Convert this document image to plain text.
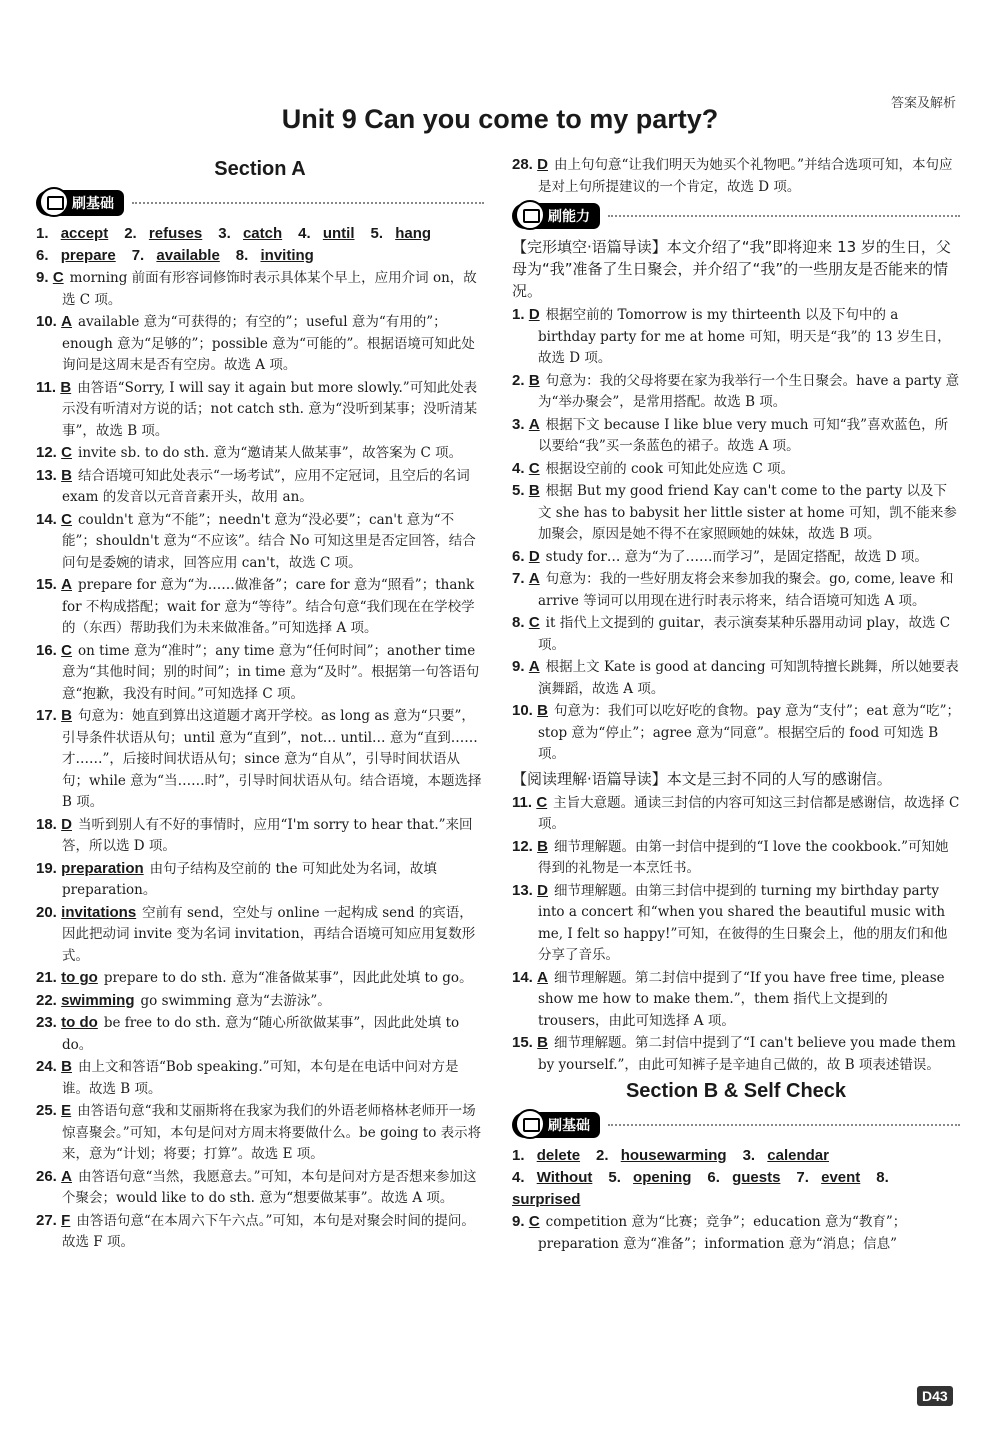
答案及解析
Unit 9 Can you come to my party?
Section A
刷基础
1. accept 2. refuses 3. catch 4. until 5. hang
6. prepare 7. available 8. inviting

9. C morning 前面有形容词修饰时表示具体某个早上，应用介词 on，故选 C 项。

10. A available 意为“可获得的；有空的”；useful 意为“有用的”；enough 意为“足够的”；possible 意为“可能的”。根据语境可知此处询问是这周末是否有空房。故选 A 项。

11. B 由答语“Sorry, I will say it again but more slowly.”可知此处表示没有听清对方说的话；not catch sth. 意为“没听到某事；没听清某事”，故选 B 项。

12. C invite sb. to do sth. 意为“邀请某人做某事”，故答案为 C 项。

13. B 结合语境可知此处表示“一场考试”，应用不定冠词，且空后的名词 exam 的发音以元音音素开头，故用 an。

14. C couldn't 意为“不能”；needn't 意为“没必要”；can't 意为“不能”；shouldn't 意为“不应该”。结合 No 可知这里是否定回答，结合问句是委婉的请求，回答应用 can't，故选 C 项。

15. A prepare for 意为“为……做准备”；care for 意为“照看”；thank for 不构成搭配；wait for 意为“等待”。结合句意“我们现在在学校学的（东西）帮助我们为未来做准备。”可知选择 A 项。

16. C on time 意为“准时”；any time 意为“任何时间”；another time 意为“其他时间；别的时间”；in time 意为“及时”。根据第一句答语句意“抱歉，我没有时间。”可知选择 C 项。

17. B 句意为：她直到算出这道题才离开学校。as long as 意为“只要”，引导条件状语从句；until 意为“直到”，not… until… 意为“直到……才……”，后接时间状语从句；since 意为“自从”，引导时间状语从句；while 意为“当……时”，引导时间状语从句。结合语境，本题选择 B 项。

18. D 当听到别人有不好的事情时，应用“I'm sorry to hear that.”来回答，所以选 D 项。

19. preparation 由句子结构及空前的 the 可知此处为名词，故填 preparation。

20. invitations 空前有 send，空处与 online 一起构成 send 的宾语，因此把动词 invite 变为名词 invitation，再结合语境可知应用复数形式。

21. to go prepare to do sth. 意为“准备做某事”，因此此处填 to go。

22. swimming go swimming 意为“去游泳”。

23. to do be free to do sth. 意为“随心所欲做某事”，因此此处填 to do。

24. B 由上文和答语“Bob speaking.”可知，本句是在电话中问对方是谁。故选 B 项。

25. E 由答语句意“我和艾丽斯将在我家为我们的外语老师格林老师开一场惊喜聚会。”可知，本句是问对方周末将要做什么。be going to 表示将来，意为“计划；将要；打算”。故选 E 项。

26. A 由答语句意“当然，我愿意去。”可知，本句是问对方是否想来参加这个聚会；would like to do sth. 意为“想要做某事”。故选 A 项。

27. F 由答语句意“在本周六下午六点。”可知，本句是对聚会时间的提问。故选 F 项。

28. D 由上句句意“让我们明天为她买个礼物吧。”并结合选项可知，本句应是对上句所提建议的一个肯定，故选 D 项。

刷能力
【完形填空·语篇导读】本文介绍了“我”即将迎来 13 岁的生日，父母为“我”准备了生日聚会，并介绍了“我”的一些朋友是否能来的情况。

1. D 根据空前的 Tomorrow is my thirteenth 以及下句中的 a birthday party for me at home 可知，明天是“我”的 13 岁生日，故选 D 项。

2. B 句意为：我的父母将要在家为我举行一个生日聚会。have a party 意为“举办聚会”，是常用搭配。故选 B 项。

3. A 根据下文 because I like blue very much 可知“我”喜欢蓝色，所以要给“我”买一条蓝色的裙子。故选 A 项。

4. C 根据设空前的 cook 可知此处应选 C 项。

5. B 根据 But my good friend Kay can't come to the party 以及下文 she has to babysit her little sister at home 可知，凯不能来参加聚会，原因是她不得不在家照顾她的妹妹，故选 B 项。

6. D study for… 意为“为了……而学习”，是固定搭配，故选 D 项。

7. A 句意为：我的一些好朋友将会来参加我的聚会。go, come, leave 和 arrive 等词可以用现在进行时表示将来，结合语境可知选 A 项。

8. C it 指代上文提到的 guitar，表示演奏某种乐器用动词 play，故选 C 项。

9. A 根据上文 Kate is good at dancing 可知凯特擅长跳舞，所以她要表演舞蹈，故选 A 项。

10. B 句意为：我们可以吃好吃的食物。pay 意为“支付”；eat 意为“吃”；stop 意为“停止”；agree 意为“同意”。根据空后的 food 可知选 B 项。

【阅读理解·语篇导读】本文是三封不同的人写的感谢信。

11. C 主旨大意题。通读三封信的内容可知这三封信都是感谢信，故选择 C 项。

12. B 细节理解题。由第一封信中提到的“I love the cookbook.”可知她得到的礼物是一本烹饪书。

13. D 细节理解题。由第三封信中提到的 turning my birthday party into a concert 和“when you shared the beautiful music with me, I felt so happy!”可知，在彼得的生日聚会上，他的朋友们和他分享了音乐。

14. A 细节理解题。第二封信中提到了“If you have free time, please show me how to make them.”，them 指代上文提到的 trousers，由此可知选择 A 项。

15. B 细节理解题。第二封信中提到了“I can't believe you made them by yourself.”，由此可知裤子是辛迪自己做的，故 B 项表述错误。

Section B & Self Check
刷基础
1. delete 2. housewarming 3. calendar
4. Without 5. opening 6. guests 7. event 8. surprised

9. C competition 意为“比赛；竞争”；education 意为“教育”；preparation 意为“准备”；information 意为“消息；信息”

D43
